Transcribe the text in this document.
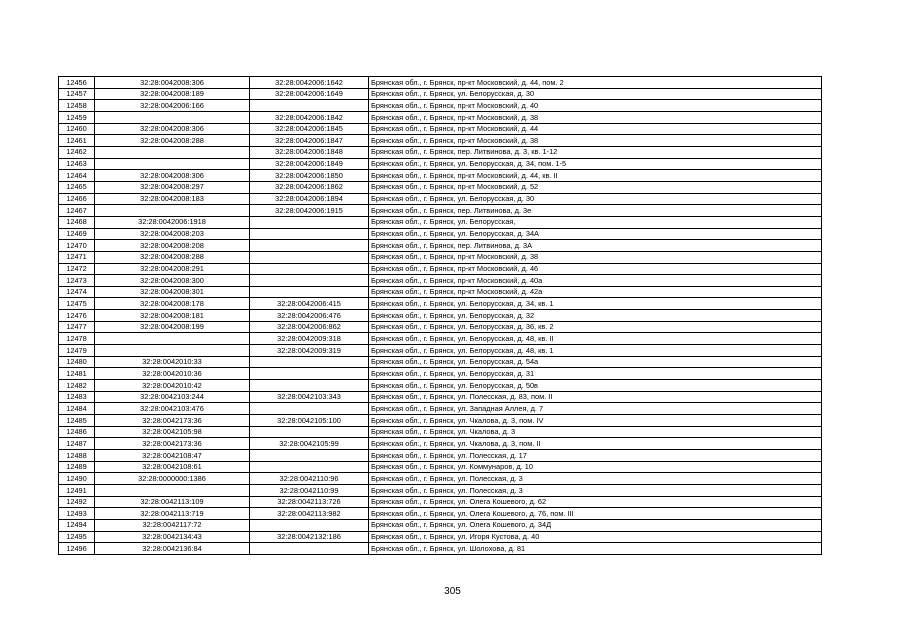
12456	32:28:0042008:306	32:28:0042006:1642	Брянская обл., г. Брянск, пр-кт Московский, д. 44, пом. 2
12457	32:28:0042008:189	32:28:0042006:1649	Брянская обл., г. Брянск, ул. Белорусская, д. 30
12458	32:28:0042006:166		Брянская обл., г. Брянск, пр-кт Московский, д. 40
12459		32:28:0042006:1842	Брянская обл., г. Брянск, пр-кт Московский, д. 38
12460	32:28:0042008:306	32:28:0042006:1845	Брянская обл., г. Брянск, пр-кт Московский, д. 44
12461	32:28:0042008:288	32:28:0042006:1847	Брянская обл., г. Брянск, пр-кт Московский, д. 38
12462		32:28:0042006:1848	Брянская обл., г. Брянск, пер. Литвинова, д. 3, кв. 1-12
12463		32:28:0042006:1849	Брянская обл., г. Брянск, ул. Белорусская, д. 34, пом. 1-5
12464	32:28:0042008:306	32:28:0042006:1850	Брянская обл., г. Брянск, пр-кт Московский, д. 44, кв. II
12465	32:28:0042008:297	32:28:0042006:1862	Брянская обл., г. Брянск, пр-кт Московский, д. 52
12466	32:28:0042008:183	32:28:0042006:1894	Брянская обл., г. Брянск, ул. Белорусская, д. 30
12467		32:28:0042006:1915	Брянская обл., г. Брянск, пер. Литвинова, д. 3e
12468	32:28:0042006:1918		Брянская обл., г. Брянск, ул. Белорусская,
12469	32:28:0042008:203		Брянская обл., г. Брянск, ул. Белорусская, д. 34А
12470	32:28:0042008:208		Брянская обл., г. Брянск, пер. Литвинова, д. 3А
12471	32:28:0042008:288		Брянская обл., г. Брянск, пр-кт Московский, д. 38
12472	32:28:0042008:291		Брянская обл., г. Брянск, пр-кт Московский, д. 46
12473	32:28:0042008:300		Брянская обл., г. Брянск, пр-кт Московский, д. 40а
12474	32:28:0042008:301		Брянская обл., г. Брянск, пр-кт Московский, д. 42а
12475	32:28:0042008:178	32:28:0042006:415	Брянская обл., г. Брянск, ул. Белорусская, д. 34, кв. 1
12476	32:28:0042008:181	32:28:0042006:476	Брянская обл., г. Брянск, ул. Белорусская, д. 32
12477	32:28:0042008:199	32:28:0042006:862	Брянская обл., г. Брянск, ул. Белорусская, д. 36, кв. 2
12478		32:28:0042009:318	Брянская обл., г. Брянск, ул. Белорусская, д. 48, кв. II
12479		32:28:0042009:319	Брянская обл., г. Брянск, ул. Белорусская, д. 48, кв. 1
12480	32:28:0042010:33		Брянская обл., г. Брянск, ул. Белорусская, д. 54а
12481	32:28:0042010:36		Брянская обл., г. Брянск, ул. Белорусская, д. 31
12482	32:28:0042010:42		Брянская обл., г. Брянск, ул. Белорусская, д. 50в
12483	32:28:0042103:244	32:28:0042103:343	Брянская обл., г. Брянск, ул. Полесская, д. 83, пом. II
12484	32:28:0042103:476		Брянская обл., г. Брянск, ул. Западная Аллея, д. 7
12485	32:28:0042173:36	32:28:0042105:100	Брянская обл., г. Брянск, ул. Чкалова, д. 3, пом. IV
12486	32:28:0042105:98		Брянская обл., г. Брянск, ул. Чкалова, д. 3
12487	32:28:0042173:36	32:28:0042105:99	Брянская обл., г. Брянск, ул. Чкалова, д. 3, пом. II
12488	32:28:0042108:47		Брянская обл., г. Брянск, ул. Полесская, д. 17
12489	32:28:0042108:61		Брянская обл., г. Брянск, ул. Коммунаров, д. 10
12490	32:28:0000000:1386	32:28:0042110:96	Брянская обл., г. Брянск, ул. Полесская, д. 3
12491		32:28:0042110:99	Брянская обл., г. Брянск, ул. Полесская, д. 3
12492	32:28:0042113:109	32:28:0042113:726	Брянская обл., г. Брянск, ул. Олега Кошевого, д. 62
12493	32:28:0042113:719	32:28:0042113:982	Брянская обл., г. Брянск, ул. Олега Кошевого, д. 76, пом. III
12494	32:28:0042117:72		Брянская обл., г. Брянск, ул. Олега Кошевого, д. 34Д
12495	32:28:0042134:43	32:28:0042132:186	Брянская обл., г. Брянск, ул. Игоря Кустова, д. 40
12496	32:28:0042136:84		Брянская обл., г. Брянск, ул. Шолохова, д. 81
305
